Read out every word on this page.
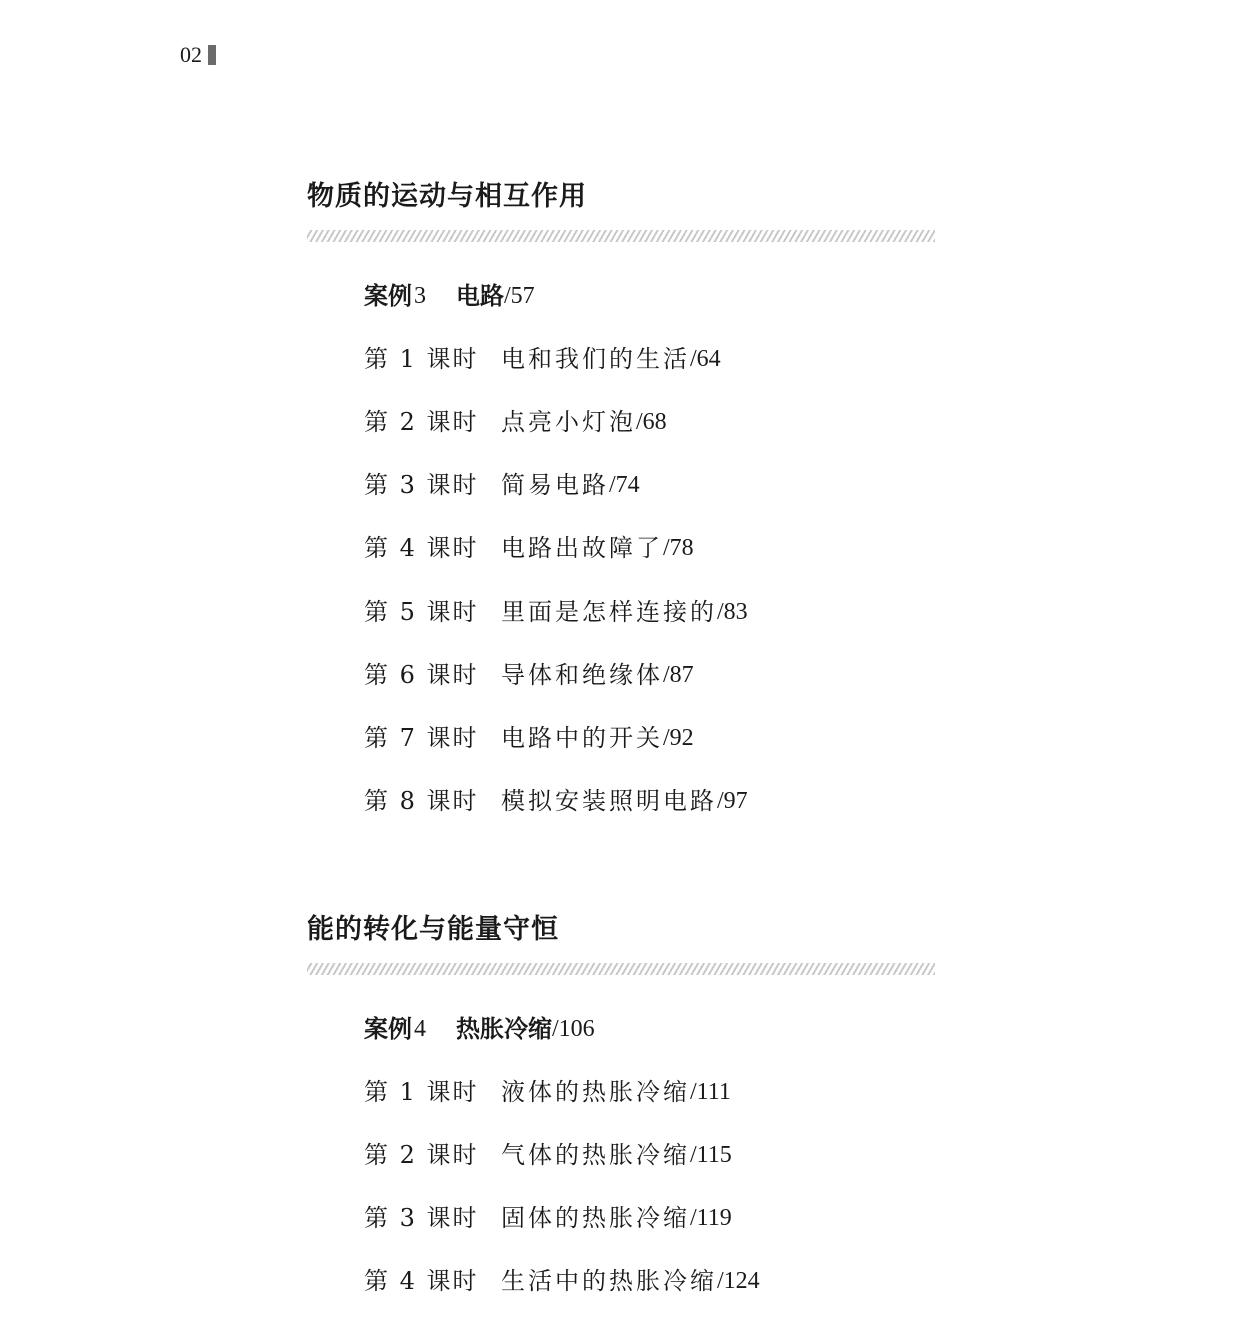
02
物质的运动与相互作用
案例 3 电路 /57
第 1 课时 电和我们的生活 /64
第 2 课时 点亮小灯泡 /68
第 3 课时 简易电路 /74
第 4 课时 电路出故障了 /78
第 5 课时 里面是怎样连接的 /83
第 6 课时 导体和绝缘体 /87
第 7 课时 电路中的开关 /92
第 8 课时 模拟安装照明电路 /97
能的转化与能量守恒
案例 4 热胀冷缩 /106
第 1 课时 液体的热胀冷缩 /111
第 2 课时 气体的热胀冷缩 /115
第 3 课时 固体的热胀冷缩 /119
第 4 课时 生活中的热胀冷缩 /124
